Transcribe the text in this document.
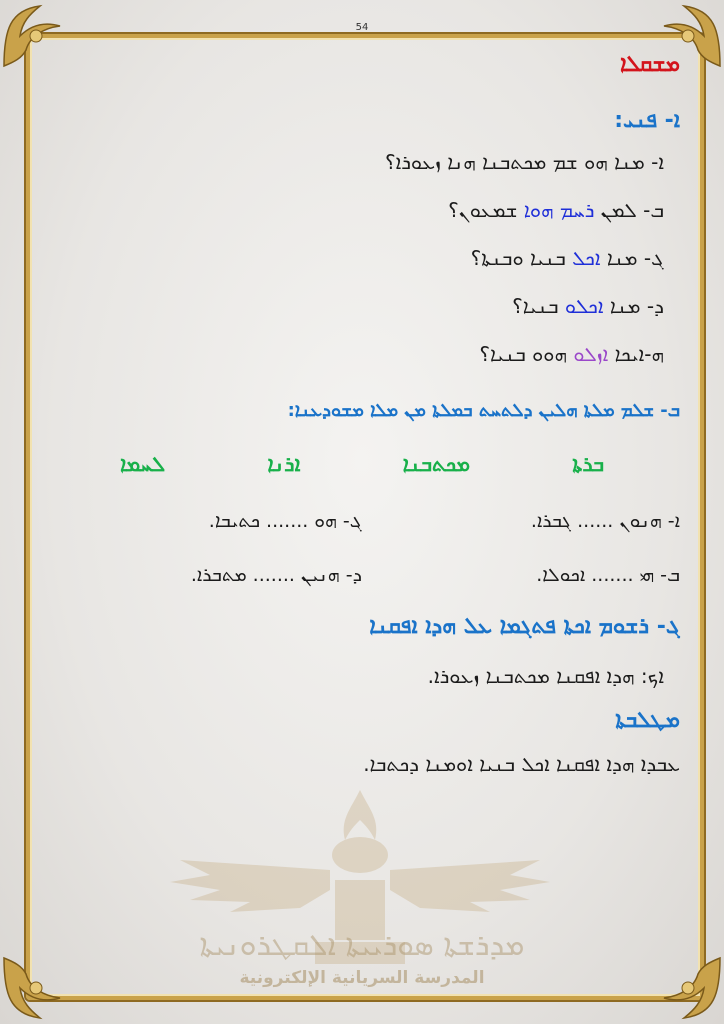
ܡܕܪܫܬܐ ܣܘܪܝܝܬܐ ܐܠܩܛܪܘܢܝܬܐ
المدرسة السريانية الإلكترونية
54
ܡܫܩܠܐ
ܐ- ܦܢܝ:
ܐ- ܡܢܐ ܗܘ ܫܡ ܡܟܬܒܢܐ ܗܢܐ ܙܥܘܪܐ؟
ܒ- ܠܡܢ ܪܚܡ ܗܘܐ ܫܡܥܘܢ؟
ܓ- ܡܢܐ ܐܟܠ ܒܢܝܐ ܘܒܢܬܐ؟
ܕ- ܡܢܐ ܐܟܠܘ ܒܢܝܐ؟
ܗ-ܐܝܟܐ ܐܙܠܘ ܗܘܘ ܒܢܝܐ؟
ܒ- ܫܠܡ ܡܠܬܐ ܗܠܝܢ ܕܠܬܚܬ ܒܡܠܬܐ ܡܢ ܡܠܐ ܡܫܘܕܥܢܐ:
ܒܪܬܐ
ܡܟܬܒܢܐ
ܐܪܢܐ
ܠܚܡܐ
ܐ- ܗܢܘܢ ...... ܓܒܪܐ.
ܓ- ܗܘ ....... ܟܬܝܒܐ.
ܒ- ܗܝ ....... ܐܟܘܠܐ.
ܕ- ܗܢܝܢ ....... ܡܬܒܪܐ.
ܓ- ܪܫܘܡ ܐܟܬܐ ܦܬܓܡܐ ܥܠ ܗܕܐ ܐܦܩܢܐ
ܐܟ: ܗܕܐ ܐܦܩܢܐ ܡܟܬܒܢܐ ܙܥܘܪܐ.
ܡܛܠܒܬܐ
ܥܒܕܐ ܗܕܐ ܐܦܩܢܐ ܐܟܠ ܒܢܝܐ ܐܘܡܢܐ ܕܟܬܒܐ.
